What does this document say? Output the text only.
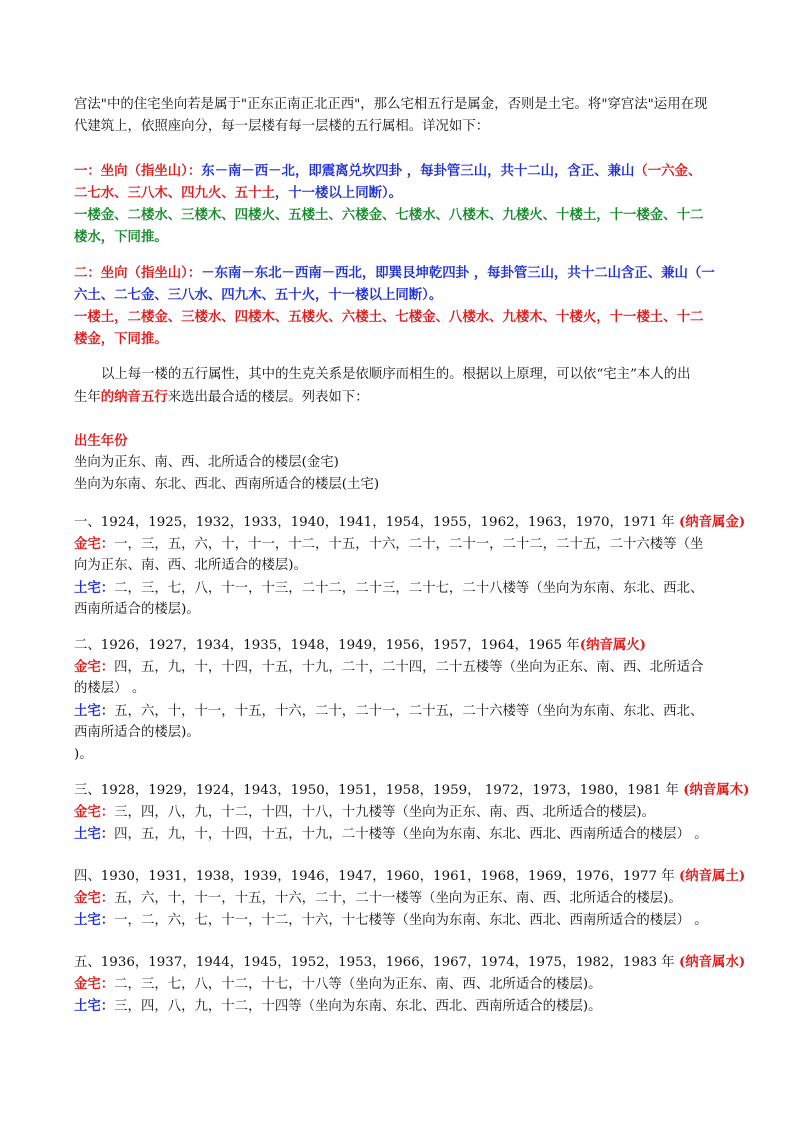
宫法"中的住宅坐向若是属于"正东正南正北正西"，那么宅相五行是属金，否则是土宅。将"穿宫法"运用在现
代建筑上，依照座向分，每一层楼有每一层楼的五行属相。详况如下：
一：坐向（指坐山）：东－南－西－北，即震离兑坎四卦 ，每卦管三山，共十二山，含正、兼山（一六金、
二七水、三八木、四九火、五十土，十一楼以上同断）。
一楼金、二楼水、三楼木、四楼火、五楼土、六楼金、七楼水、八楼木、九楼火、十楼土，十一楼金、十二
楼水，下同推。
二：坐向（指坐山）：－东南－东北－西南－西北，即巽艮坤乾四卦 ，每卦管三山，共十二山含正、兼山（一
六土、二七金、三八水、四九木、五十火，十一楼以上同断）。
一楼土，二楼金、三楼水、四楼木、五楼火、六楼土、七楼金、八楼水、九楼木、十楼火，十一楼土、十二
楼金，下同推。
以上每一楼的五行属性，其中的生克关系是依顺序而相生的。根据以上原理，可以依“宅主”本人的出
生年的纳音五行来选出最合适的楼层。列表如下：
出生年份
坐向为正东、南、西、北所适合的楼层(金宅)
坐向为东南、东北、西北、西南所适合的楼层(土宅)
一、1924，1925，1932，1933，1940，1941，1954，1955，1962，1963，1970，1971 年 (纳音属金)
金宅：一，三，五，六，十，十一，十二，十五，十六，二十，二十一，二十二，二十五，二十六楼等（坐
向为正东、南、西、北所适合的楼层)。
土宅：二，三，七，八，十一，十三，二十二，二十三，二十七，二十八楼等（坐向为东南、东北、西北、
西南所适合的楼层)。
二、1926，1927，1934，1935，1948，1949，1956，1957，1964，1965 年(纳音属火)
金宅：四，五，九，十，十四，十五，十九，二十，二十四，二十五楼等（坐向为正东、南、西、北所适合
的楼层） 。
土宅：五，六，十，十一，十五，十六，二十，二十一，二十五，二十六楼等（坐向为东南、东北、西北、
西南所适合的楼层)。
)。
三、1928，1929，1924，1943，1950，1951，1958，1959， 1972，1973，1980，1981 年 (纳音属木)
金宅：三，四，八，九，十二，十四，十八，十九楼等（坐向为正东、南、西、北所适合的楼层)。
土宅：四，五，九，十，十四，十五，十九，二十楼等（坐向为东南、东北、西北、西南所适合的楼层） 。
四、1930，1931，1938，1939，1946，1947，1960，1961，1968，1969，1976，1977 年 (纳音属土)
金宅：五，六，十，十一，十五，十六，二十，二十一楼等（坐向为正东、南、西、北所适合的楼层)。
土宅：一，二，六，七，十一，十二，十六，十七楼等（坐向为东南、东北、西北、西南所适合的楼层） 。
五、1936，1937，1944，1945，1952，1953，1966，1967，1974，1975，1982，1983 年 (纳音属水)
金宅：二，三，七，八，十二，十七，十八等（坐向为正东、南、西、北所适合的楼层)。
土宅：三，四，八，九，十二，十四等（坐向为东南、东北、西北、西南所适合的楼层)。
